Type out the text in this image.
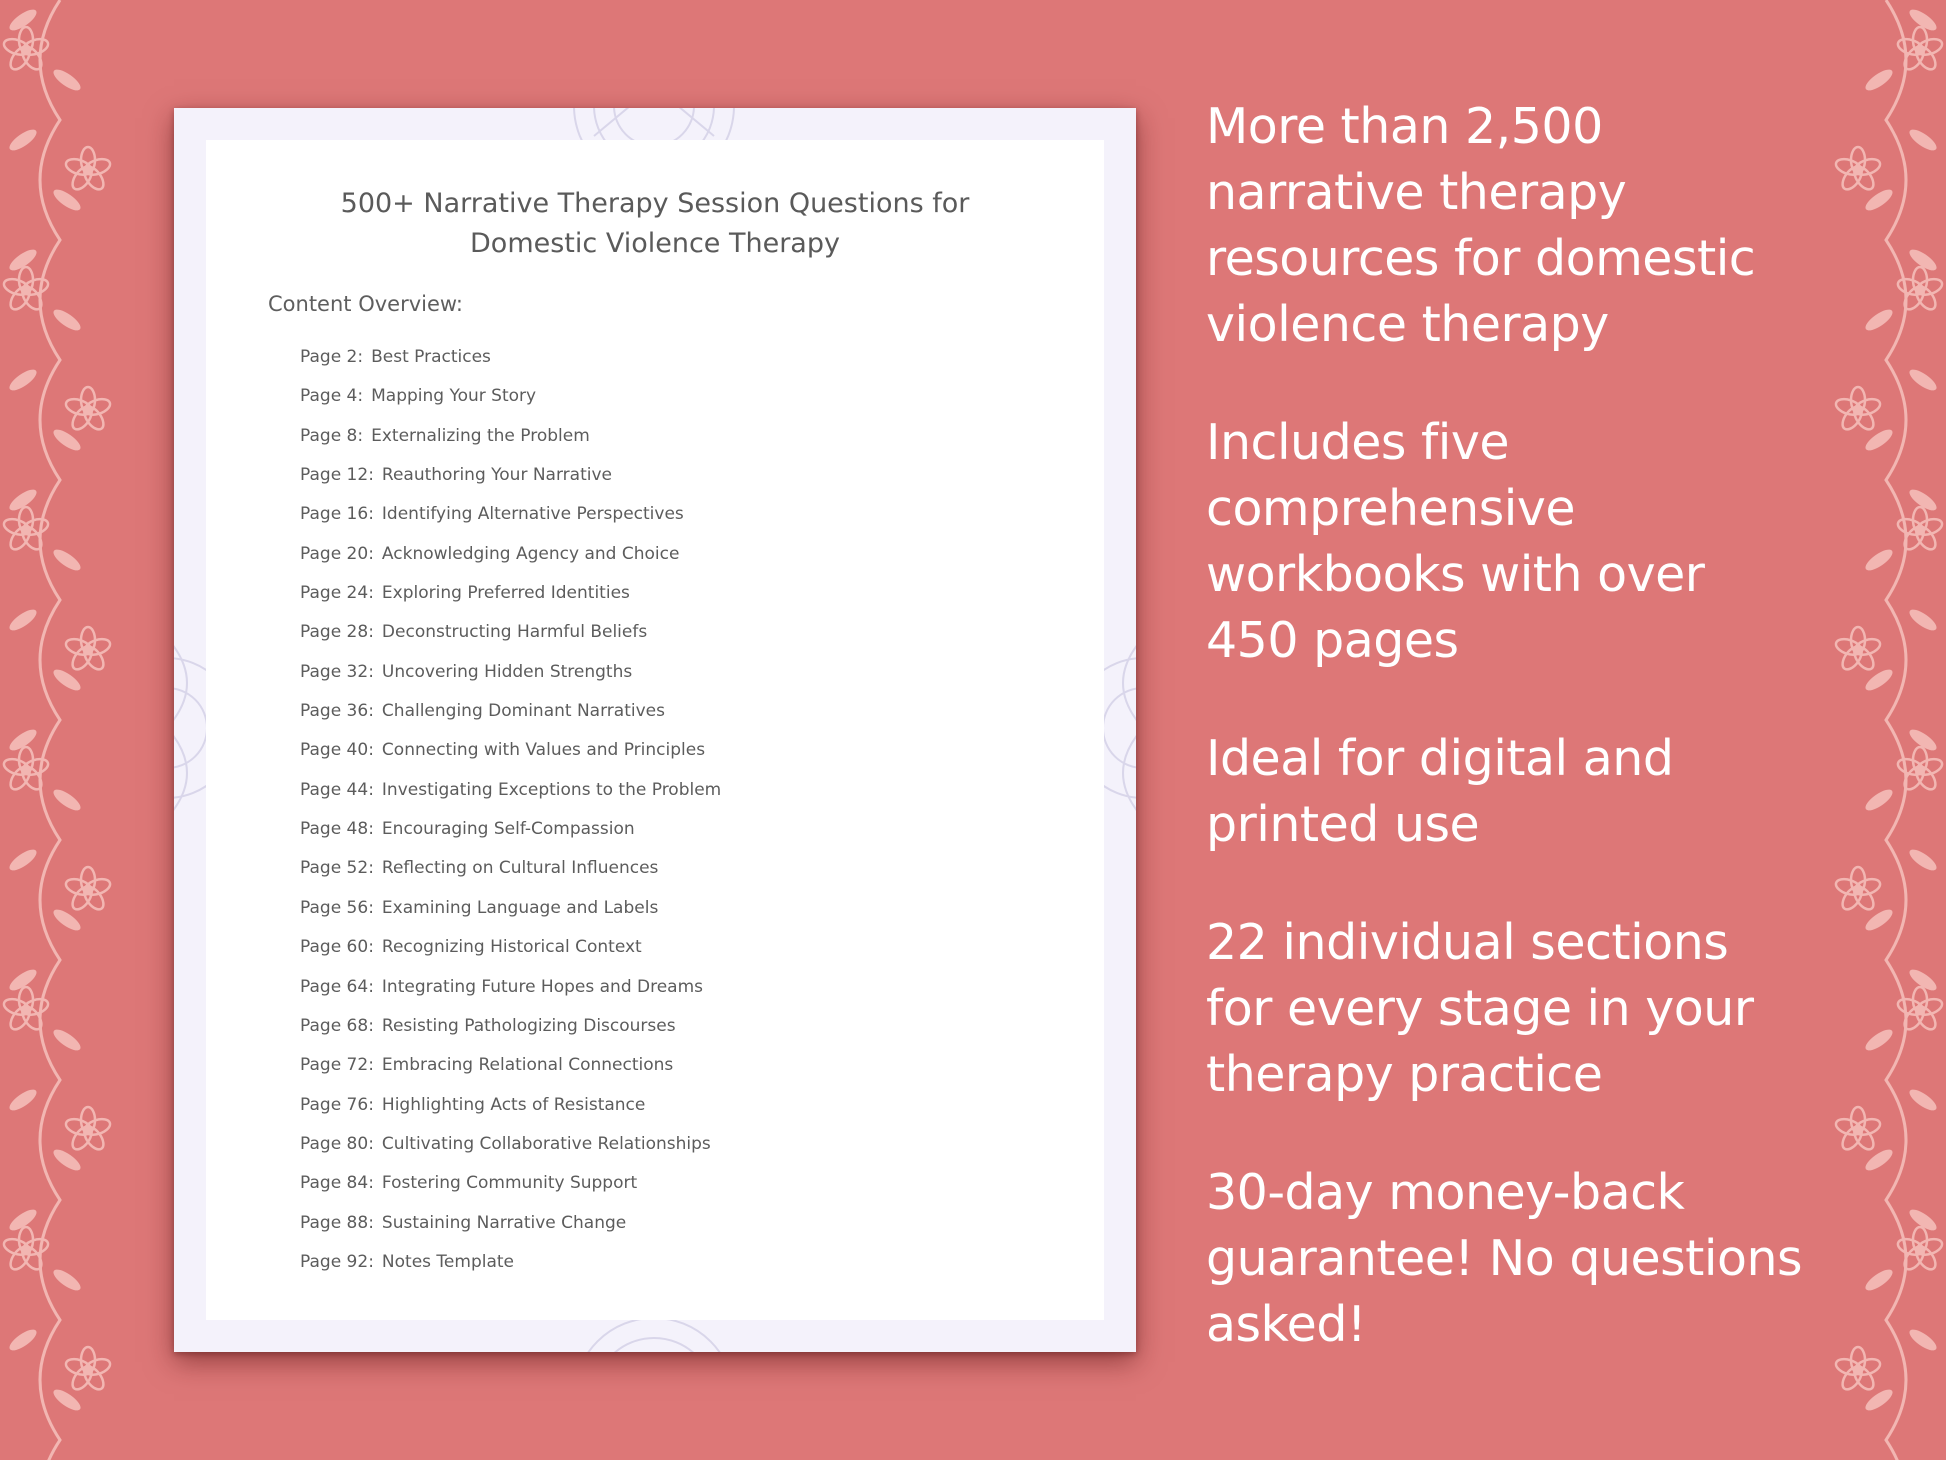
500+ Narrative Therapy Session Questions for
Domestic Violence Therapy
Content Overview:
Page 2: Best Practices
Page 4: Mapping Your Story
Page 8: Externalizing the Problem
Page 12: Reauthoring Your Narrative
Page 16: Identifying Alternative Perspectives
Page 20: Acknowledging Agency and Choice
Page 24: Exploring Preferred Identities
Page 28: Deconstructing Harmful Beliefs
Page 32: Uncovering Hidden Strengths
Page 36: Challenging Dominant Narratives
Page 40: Connecting with Values and Principles
Page 44: Investigating Exceptions to the Problem
Page 48: Encouraging Self-Compassion
Page 52: Reflecting on Cultural Influences
Page 56: Examining Language and Labels
Page 60: Recognizing Historical Context
Page 64: Integrating Future Hopes and Dreams
Page 68: Resisting Pathologizing Discourses
Page 72: Embracing Relational Connections
Page 76: Highlighting Acts of Resistance
Page 80: Cultivating Collaborative Relationships
Page 84: Fostering Community Support
Page 88: Sustaining Narrative Change
Page 92: Notes Template

More than 2,500 narrative therapy resources for domestic violence therapy

Includes five comprehensive workbooks with over 450 pages

Ideal for digital and printed use

22 individual sections for every stage in your therapy practice

30-day money-back guarantee! No questions asked!
